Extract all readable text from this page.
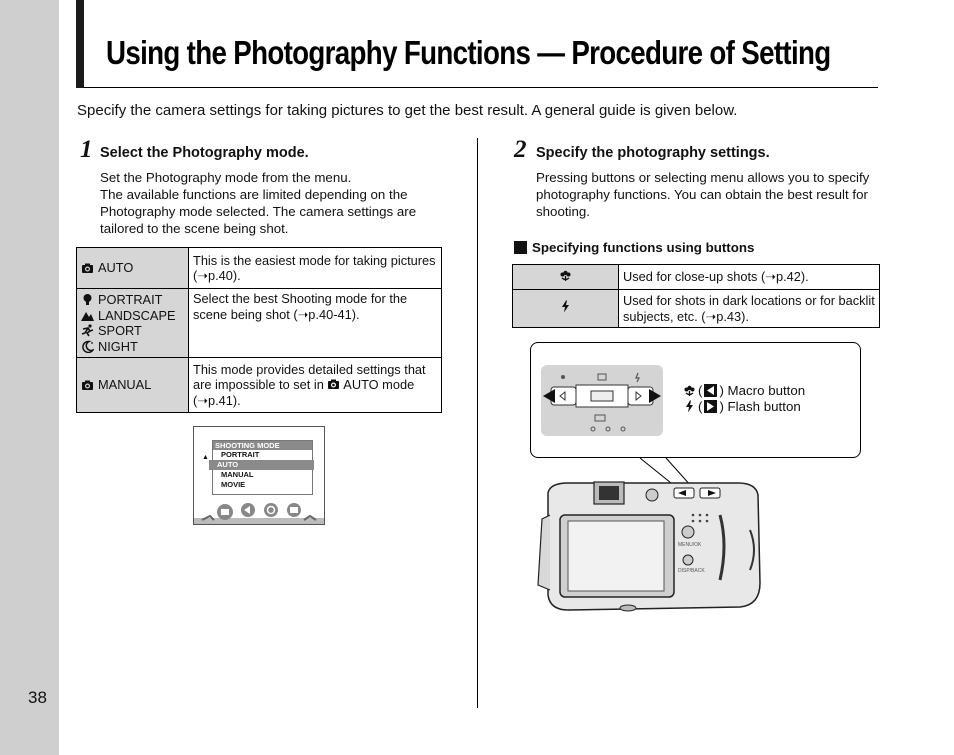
38
Using the Photography Functions — Procedure of Setting
Specify the camera settings for taking pictures to get the best result. A general guide is given below.
1 Select the Photography mode.
Set the Photography mode from the menu.
The available functions are limited depending on the Photography mode selected. The camera settings are tailored to the scene being shot.
AUTO	This is the easiest mode for taking pictures (➝p.40).

PORTRAIT
LANDSCAPE
SPORT
NIGHT	Select the best Shooting mode for the scene being shot (➝p.40-41).

MANUAL	This mode provides detailed settings that are impossible to set in AUTO mode (➝p.41).
▲
SHOOTING MODE
PORTRAIT
AUTO
MANUAL
MOVIE
2 Specify the photography settings.
Pressing buttons or selecting menu allows you to specify photography functions. You can obtain the best result for shooting.
Specifying functions using buttons
	Used for close-up shots (➝p.42).

	Used for shots in dark locations or for backlit subjects, etc. (➝p.43).
( ) Macro button
( ) Flash button
MENU/OK
DISP/BACK
